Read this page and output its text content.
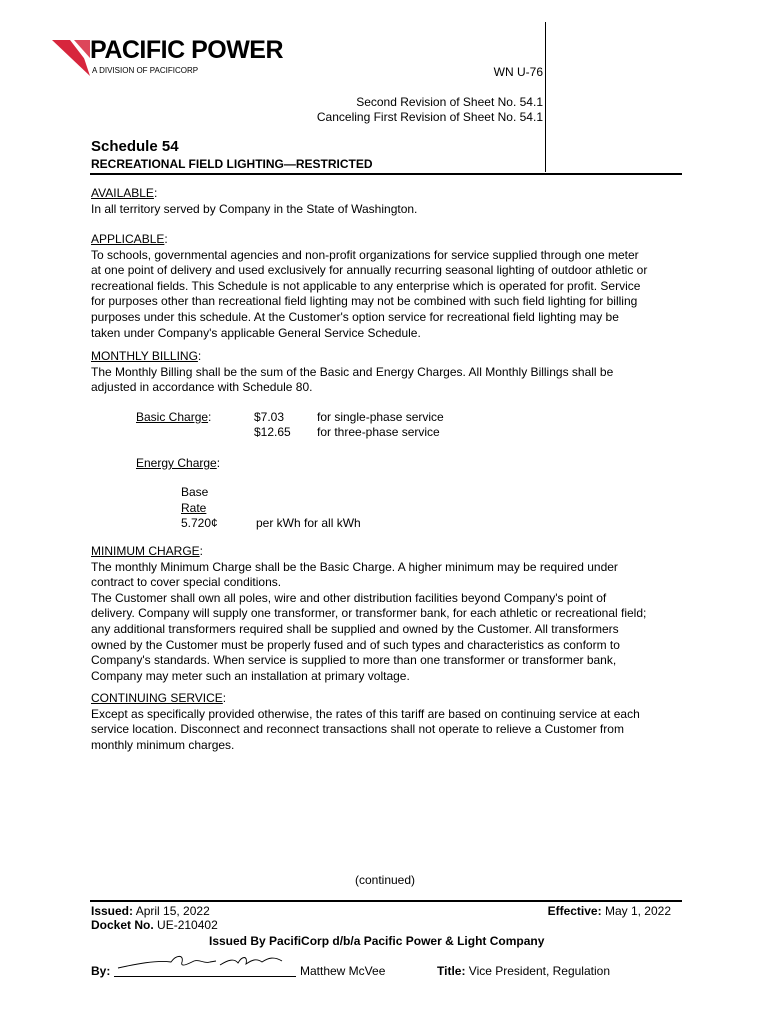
PACIFIC POWER
A DIVISION OF PACIFICORP	WN U-76
Second Revision of Sheet No. 54.1
Canceling First Revision of Sheet No. 54.1
Schedule 54
RECREATIONAL FIELD LIGHTING—RESTRICTED

AVAILABLE:

In all territory served by Company in the State of Washington.

APPLICABLE:

To schools, governmental agencies and non-profit organizations for service supplied through one meter

at one point of delivery and used exclusively for annually recurring seasonal lighting of outdoor athletic or

recreational fields. This Schedule is not applicable to any enterprise which is operated for profit. Service

for purposes other than recreational field lighting may not be combined with such field lighting for billing

purposes under this schedule. At the Customer's option service for recreational field lighting may be

taken under Company's applicable General Service Schedule.

MONTHLY BILLING:

The Monthly Billing shall be the sum of the Basic and Energy Charges. All Monthly Billings shall be

adjusted in accordance with Schedule 80.

Basic Charge:	$7.03	for single-phase service
$12.65 for three-phase service
Energy Charge:

Base

Rate

5.720¢	per kWh for all kWh

MINIMUM CHARGE:

The monthly Minimum Charge shall be the Basic Charge. A higher minimum may be required under

contract to cover special conditions.

The Customer shall own all poles, wire and other distribution facilities beyond Company's point of

delivery. Company will supply one transformer, or transformer bank, for each athletic or recreational field;

any additional transformers required shall be supplied and owned by the Customer. All transformers

owned by the Customer must be properly fused and of such types and characteristics as conform to

Company's standards. When service is supplied to more than one transformer or transformer bank,

Company may meter such an installation at primary voltage.

CONTINUING SERVICE:

Except as specifically provided otherwise, the rates of this tariff are based on continuing service at each

service location. Disconnect and reconnect transactions shall not operate to relieve a Customer from

monthly minimum charges.

(continued)
Issued: April 15, 2022	Effective: May 1, 2022
Docket No. UE-210402
Issued By PacifiCorp d/b/a Pacific Power & Light Company
By:	Matthew McVee	Title: Vice President, Regulation
